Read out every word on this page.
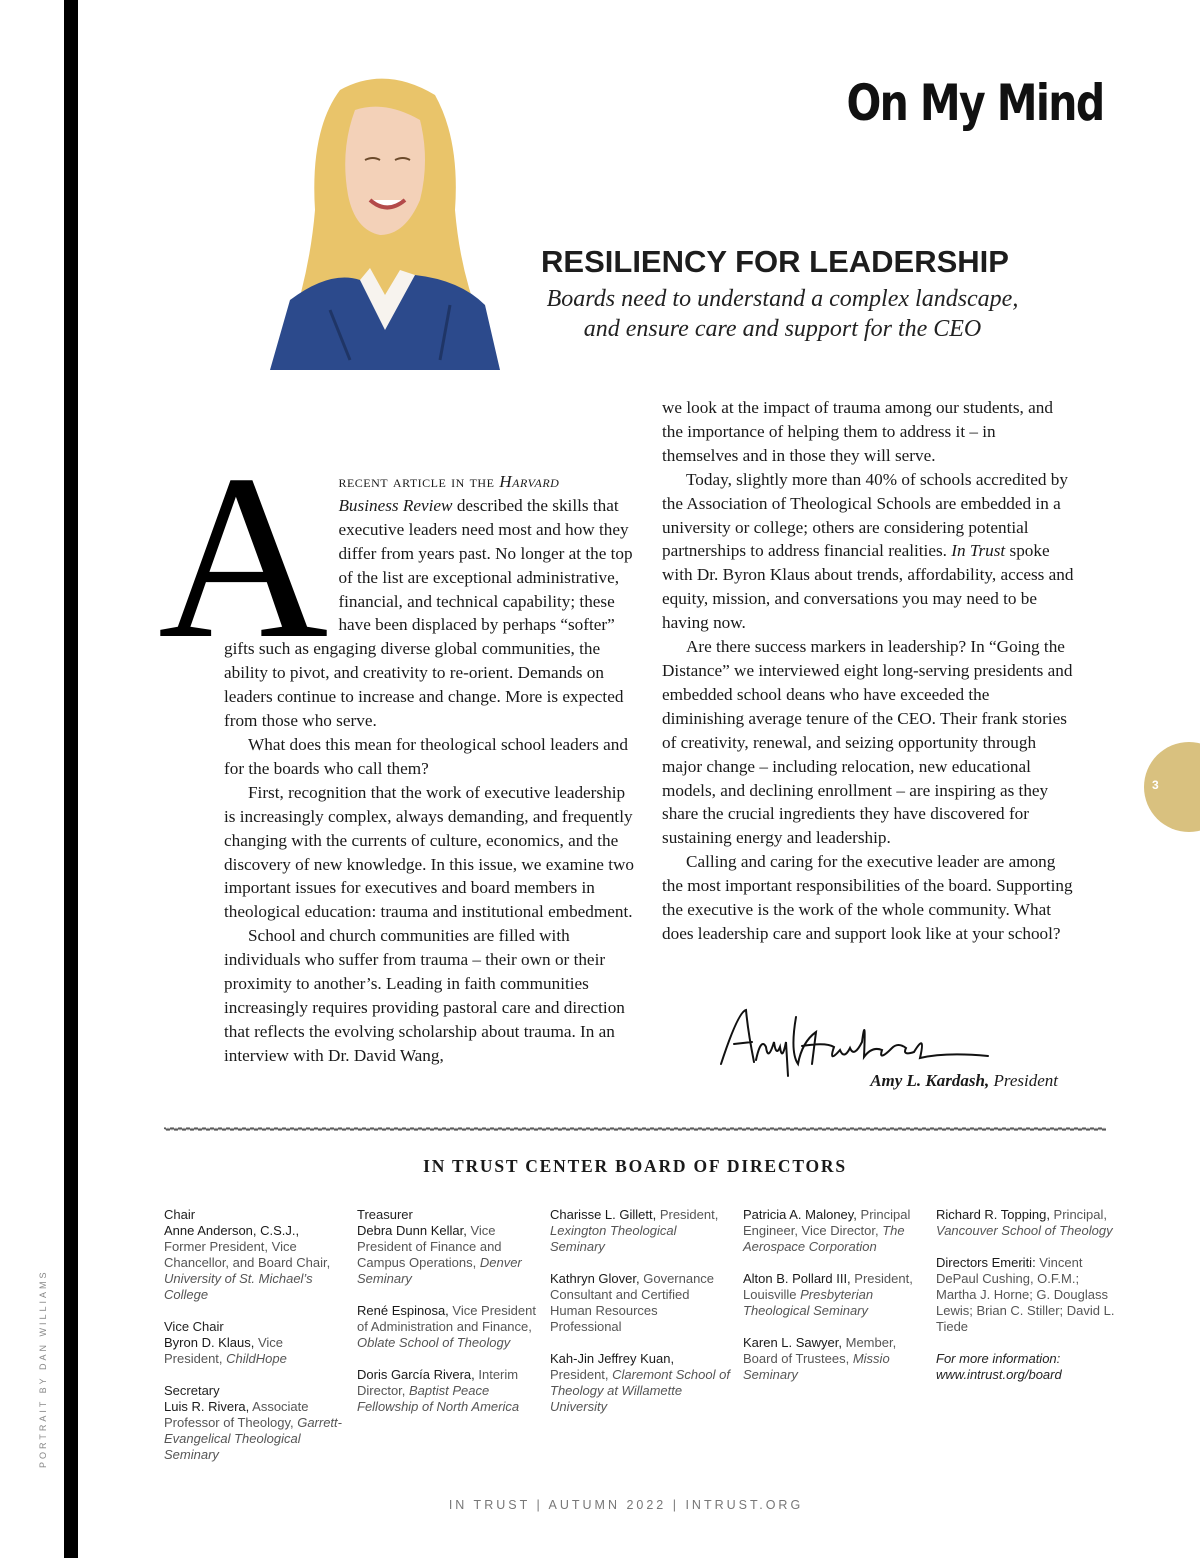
PORTRAIT BY DAN WILLIAMS
On My Mind
RESILIENCY FOR LEADERSHIP
Boards need to understand a complex landscape,
and ensure care and support for the CEO

Arecent article in the Harvard
Business Review described the skills that executive leaders need most and how they differ from years past. No longer at the top of the list are exceptional administrative, financial, and technical capability; these have been displaced by perhaps “softer” gifts such as engaging diverse global communities, the ability to pivot, and creativity to re-orient. Demands on leaders continue to increase and change. More is expected from those who serve.

What does this mean for theological school leaders and for the boards who call them?

First, recognition that the work of executive leadership is increasingly complex, always demanding, and frequently changing with the currents of culture, economics, and the discovery of new knowledge. In this issue, we examine two important issues for executives and board members in theological education: trauma and institutional embedment.

School and church communities are filled with individuals who suffer from trauma – their own or their proximity to another’s. Leading in faith communities increasingly requires providing pastoral care and direction that reflects the evolving scholarship about trauma. In an interview with Dr. David Wang,

we look at the impact of trauma among our students, and the importance of helping them to address it – in themselves and in those they will serve.

Today, slightly more than 40% of schools accredited by the Association of Theological Schools are embedded in a university or college; others are considering potential partnerships to address financial realities. In Trust spoke with Dr. Byron Klaus about trends, affordability, access and equity, mission, and conversations you may need to be having now.

Are there success markers in leadership? In “Going the Distance” we interviewed eight long-serving presidents and embedded school deans who have exceeded the diminishing average tenure of the CEO. Their frank stories of creativity, renewal, and seizing opportunity through major change – including relocation, new educational models, and declining enrollment – are inspiring as they share the crucial ingredients they have discovered for sustaining energy and leadership.

Calling and caring for the executive leader are among the most important responsibilities of the board. Supporting the executive is the work of the whole community. What does leadership care and support look like at your school?

Amy L. Kardash, President
IN TRUST CENTER BOARD OF DIRECTORS
Chair
Anne Anderson, C.S.J., Former President, Vice Chancellor, and Board Chair, University of St. Michael’s College
Vice Chair
Byron D. Klaus, Vice President, ChildHope
Secretary
Luis R. Rivera, Associate Professor of Theology, Garrett-Evangelical Theological Seminary
Treasurer
Debra Dunn Kellar, Vice President of Finance and Campus Operations, Denver Seminary
René Espinosa, Vice President of Administration and Finance, Oblate School of Theology
Doris García Rivera, Interim Director, Baptist Peace Fellowship of North America
Charisse L. Gillett, President, Lexington Theological Seminary
Kathryn Glover, Governance Consultant and Certified Human Resources Professional
Kah-Jin Jeffrey Kuan, President, Claremont School of Theology at Willamette University
Patricia A. Maloney, Principal Engineer, Vice Director, The Aerospace Corporation
Alton B. Pollard III, President, Louisville Presbyterian Theological Seminary
Karen L. Sawyer, Member, Board of Trustees, Missio Seminary
Richard R. Topping, Principal, Vancouver School of Theology
Directors Emeriti: Vincent DePaul Cushing, O.F.M.; Martha J. Horne; G. Douglass Lewis; Brian C. Stiller; David L. Tiede
For more information:
www.intrust.org/board
IN TRUST | AUTUMN 2022 | INTRUST.ORG
3
